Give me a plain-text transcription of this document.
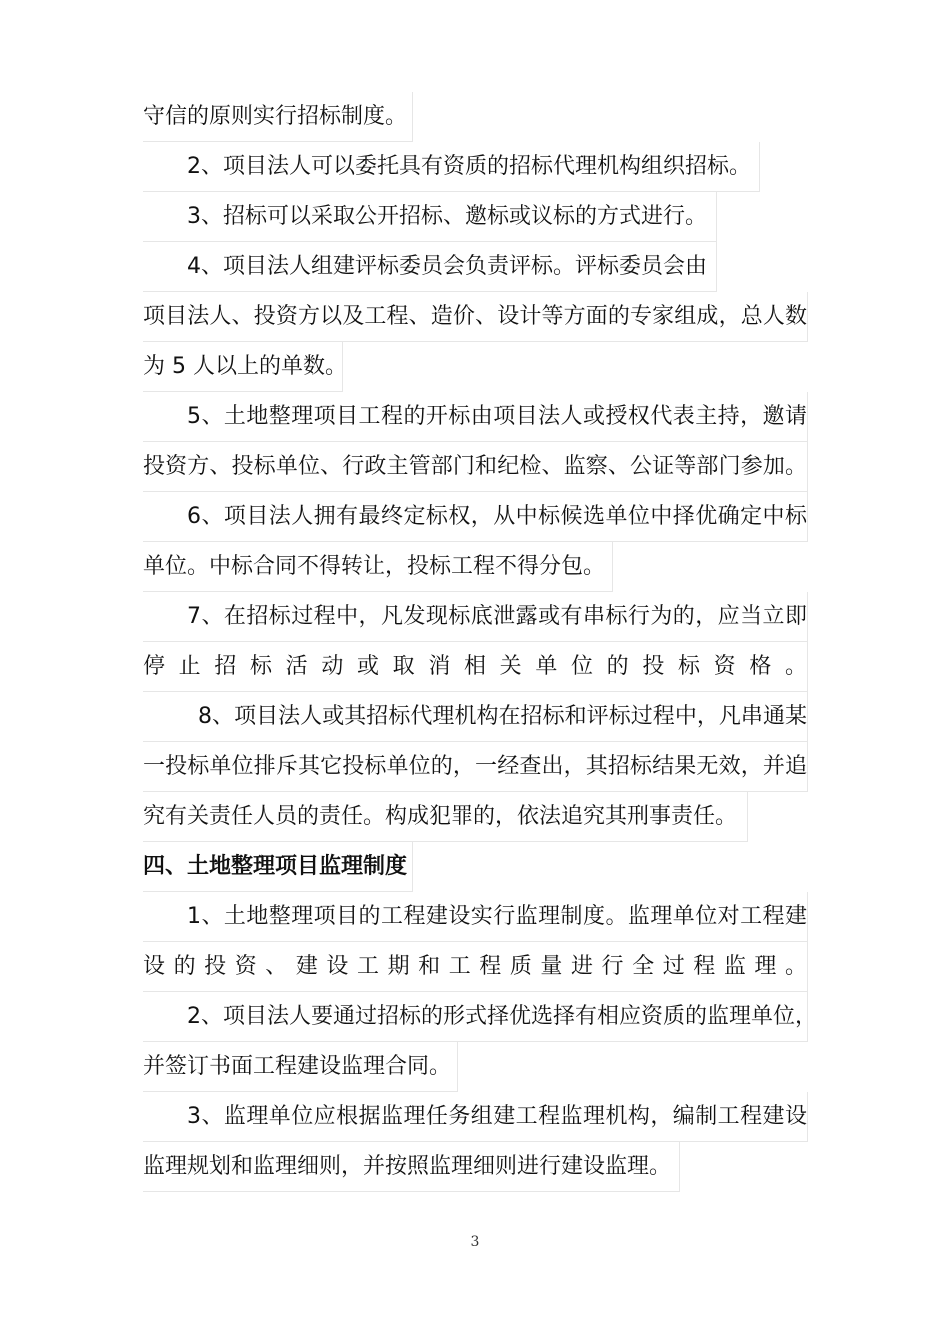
守信的原则实行招标制度。
2、项目法人可以委托具有资质的招标代理机构组织招标。
3、招标可以采取公开招标、邀标或议标的方式进行。
4、项目法人组建评标委员会负责评标。评标委员会由
项目法人、投资方以及工程、造价、设计等方面的专家组成，总人数
为 5 人以上的单数。
5、土地整理项目工程的开标由项目法人或授权代表主持，邀请
投资方、投标单位、行政主管部门和纪检、监察、公证等部门参加。
6、项目法人拥有最终定标权，从中标候选单位中择优确定中标
单位。中标合同不得转让，投标工程不得分包。
7、在招标过程中，凡发现标底泄露或有串标行为的，应当立即
停止招标活动或取消相关单位的投标资格。
8、项目法人或其招标代理机构在招标和评标过程中，凡串通某
一投标单位排斥其它投标单位的，一经查出，其招标结果无效，并追
究有关责任人员的责任。构成犯罪的，依法追究其刑事责任。
四、土地整理项目监理制度
1、土地整理项目的工程建设实行监理制度。监理单位对工程建
设的投资、建设工期和工程质量进行全过程监理。
2、项目法人要通过招标的形式择优选择有相应资质的监理单位，
并签订书面工程建设监理合同。
3、监理单位应根据监理任务组建工程监理机构，编制工程建设
监理规划和监理细则，并按照监理细则进行建设监理。
3
